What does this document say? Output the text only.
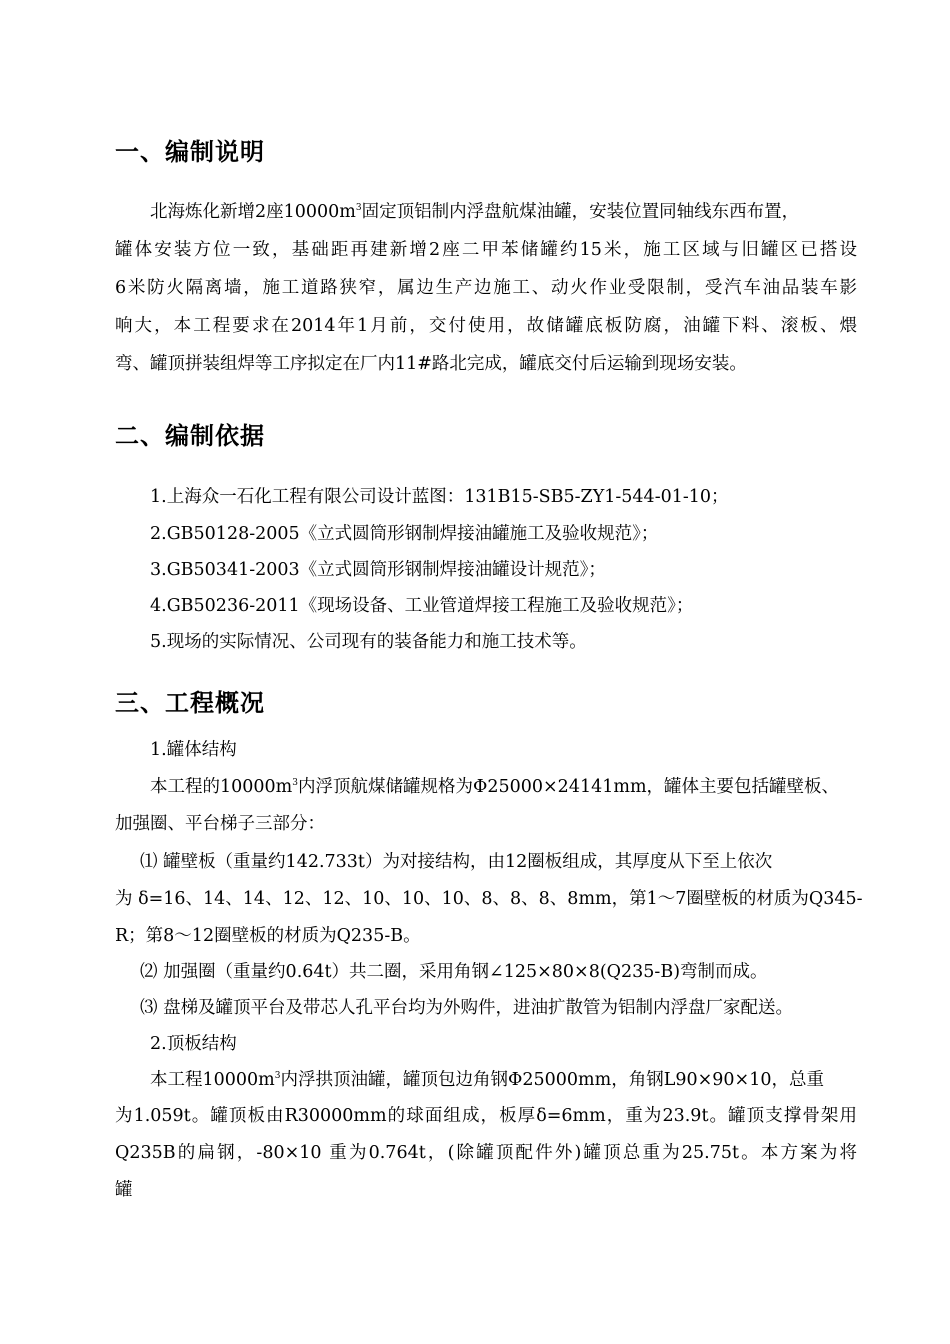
一、编制说明
北海炼化新增2座$10000m^3$固定顶铝制内浮盘航煤油罐，安装位置同轴线东西布置，
罐体安装方位一致，基础距再建新增2座二甲苯储罐约15米，施工区域与旧罐区已搭设
6米防火隔离墙，施工道路狭窄，属边生产边施工、动火作业受限制，受汽车油品装车影
响大，本工程要求在2014年1月前，交付使用，故储罐底板防腐，油罐下料、滚板、煨
弯、罐顶拼装组焊等工序拟定在厂内11#路北完成，罐底交付后运输到现场安装。
二、编制依据
1.上海众一石化工程有限公司设计蓝图：131B15-SB5-ZY1-544-01-10；
2.GB50128-2005《立式圆筒形钢制焊接油罐施工及验收规范》；
3.GB50341-2003《立式圆筒形钢制焊接油罐设计规范》；
4.GB50236-2011《现场设备、工业管道焊接工程施工及验收规范》；
5.现场的实际情况、公司现有的装备能力和施工技术等。
三、工程概况
1.罐体结构
本工程的$10000m^3$内浮顶航煤储罐规格为Φ25000×24141mm，罐体主要包括罐壁板、
加强圈、平台梯子三部分：
⑴ 罐壁板（重量约142.733t）为对接结构，由12圈板组成，其厚度从下至上依次
为 δ=16、14、14、12、12、10、10、10、8、8、8、8mm，第1～7圈壁板的材质为Q345-
R；第8～12圈壁板的材质为Q235-B。
⑵ 加强圈（重量约0.64t）共二圈，采用角钢∠125×80×8(Q235-B)弯制而成。
⑶ 盘梯及罐顶平台及带芯人孔平台均为外购件，进油扩散管为铝制内浮盘厂家配送。
2.顶板结构
本工程$10000m^3$内浮拱顶油罐，罐顶包边角钢Φ25000mm，角钢L90×90×10，总重
为1.059t。罐顶板由R30000mm的球面组成，板厚δ=6mm，重为23.9t。罐顶支撑骨架用
Q235B的扁钢，-80×10 重为0.764t，(除罐顶配件外)罐顶总重为25.75t。本方案为将
罐
